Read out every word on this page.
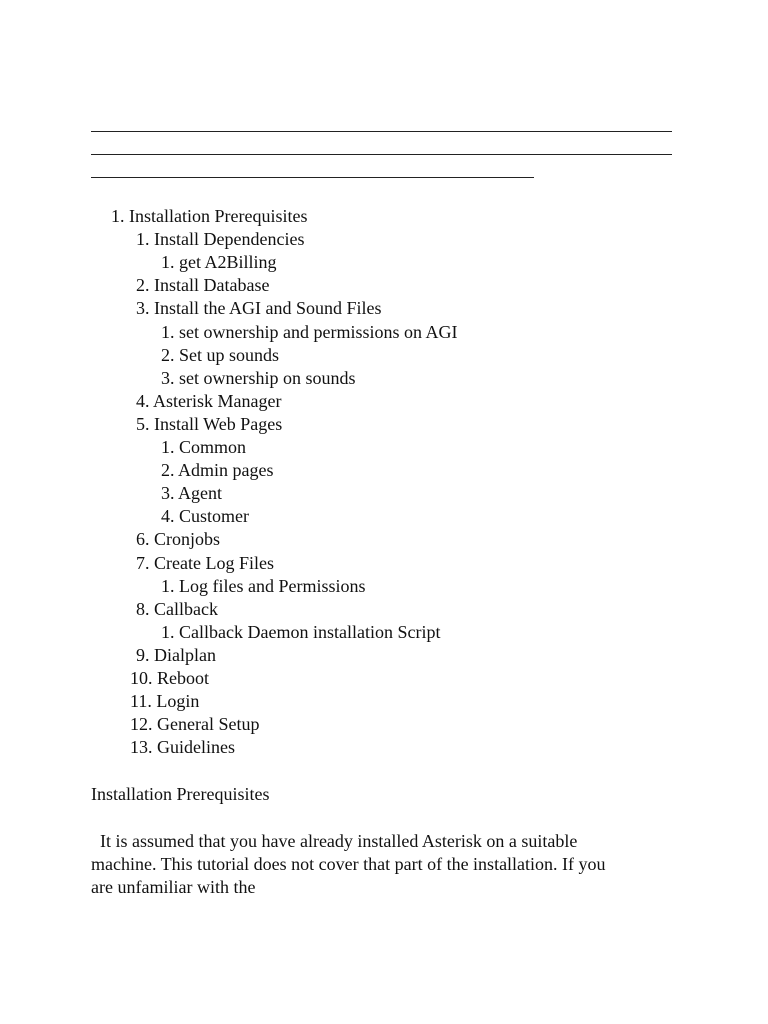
1. Installation Prerequisites
1. Install Dependencies
1. get A2Billing
2. Install Database
3. Install the AGI and Sound Files
1. set ownership and permissions on AGI
2. Set up sounds
3. set ownership on sounds
4. Asterisk Manager
5. Install Web Pages
1. Common
2. Admin pages
3. Agent
4. Customer
6. Cronjobs
7. Create Log Files
1. Log files and Permissions
8. Callback
1. Callback Daemon installation Script
9. Dialplan
10. Reboot
11. Login
12. General Setup
13. Guidelines
Installation Prerequisites
It is assumed that you have already installed Asterisk on a suitable
machine. This tutorial does not cover that part of the installation. If you
are unfamiliar with the
